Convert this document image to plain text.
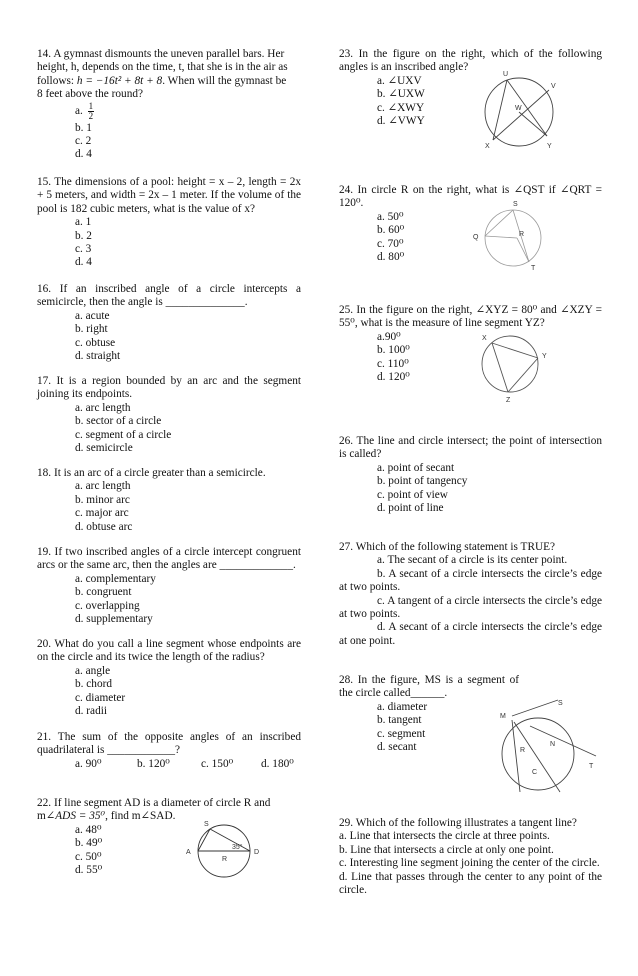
14. A gymnast dismounts the uneven parallel bars. Her
height, h, depends on the time, t, that she is in the air as
follows: h = −16t² + 8t + 8. When will the gymnast be
8 feet above the round?
a. $\frac{1}{2}$
b. 1
c. 2
d. 4
15. The dimensions of a pool: height = x – 2, length = 2x + 5 meters, and width = 2x – 1 meter. If the volume of the pool is 182 cubic meters, what is the value of x?
a. 1
b. 2
c. 3
d. 4
16. If an inscribed angle of a circle intercepts a semicircle, then the angle is ______________.
a. acute
b. right
c. obtuse
d. straight
17. It is a region bounded by an arc and the segment joining its endpoints.
a. arc length
b. sector of a circle
c. segment of a circle
d. semicircle
18. It is an arc of a circle greater than a semicircle.
a. arc length
b. minor arc
c. major arc
d. obtuse arc
19. If two inscribed angles of a circle intercept congruent arcs or the same arc, then the angles are _____________.
a. complementary
b. congruent
c. overlapping
d. supplementary
20. What do you call a line segment whose endpoints are on the circle and its twice the length of the radius?
a. angle
b. chord
c. diameter
d. radii
21. The sum of the opposite angles of an inscribed quadrilateral is ____________?
a. 90⁰	b. 120⁰	c. 150⁰	d. 180⁰
22. If line segment AD is a diameter of circle R and
m∠ADS = 35⁰, find m∠SAD.
a. 48⁰
b. 49⁰
c. 50⁰
d. 55⁰
S
A
R
D
35°
23. In the figure on the right, which of the following angles is an inscribed angle?
a. ∠UXV
b. ∠UXW
c. ∠XWY
d. ∠VWY
24. In circle R on the right, what is ∠QST if ∠QRT = 120⁰.
a. 50⁰
b. 60⁰
c. 70⁰
d. 80⁰
25. In the figure on the right, ∠XYZ = 80⁰ and ∠XZY = 55⁰, what is the measure of line segment YZ?
a.90⁰
b. 100⁰
c. 110⁰
d. 120⁰
26. The line and circle intersect; the point of intersection is called?
a. point of secant
b. point of tangency
c. point of view
d. point of line
27. Which of the following statement is TRUE?
a. The secant of a circle is its center point.
b. A secant of a circle intersects the circle’s edge at two points.
c. A tangent of a circle intersects the circle’s edge at two points.
d. A secant of a circle intersects the circle’s edge at one point.
28. In the figure, MS is a segment of the circle called______.
a. diameter
b. tangent
c. segment
d. secant
29. Which of the following illustrates a tangent line?
a. Line that intersects the circle at three points.
b. Line that intersects a circle at only one point.
c. Interesting line segment joining the center of the circle.
d. Line that passes through the center to any point of the circle.
U
V
W
X	Y
Q
S
R
T
X
Y
Z
M
S
N
T
R
C
